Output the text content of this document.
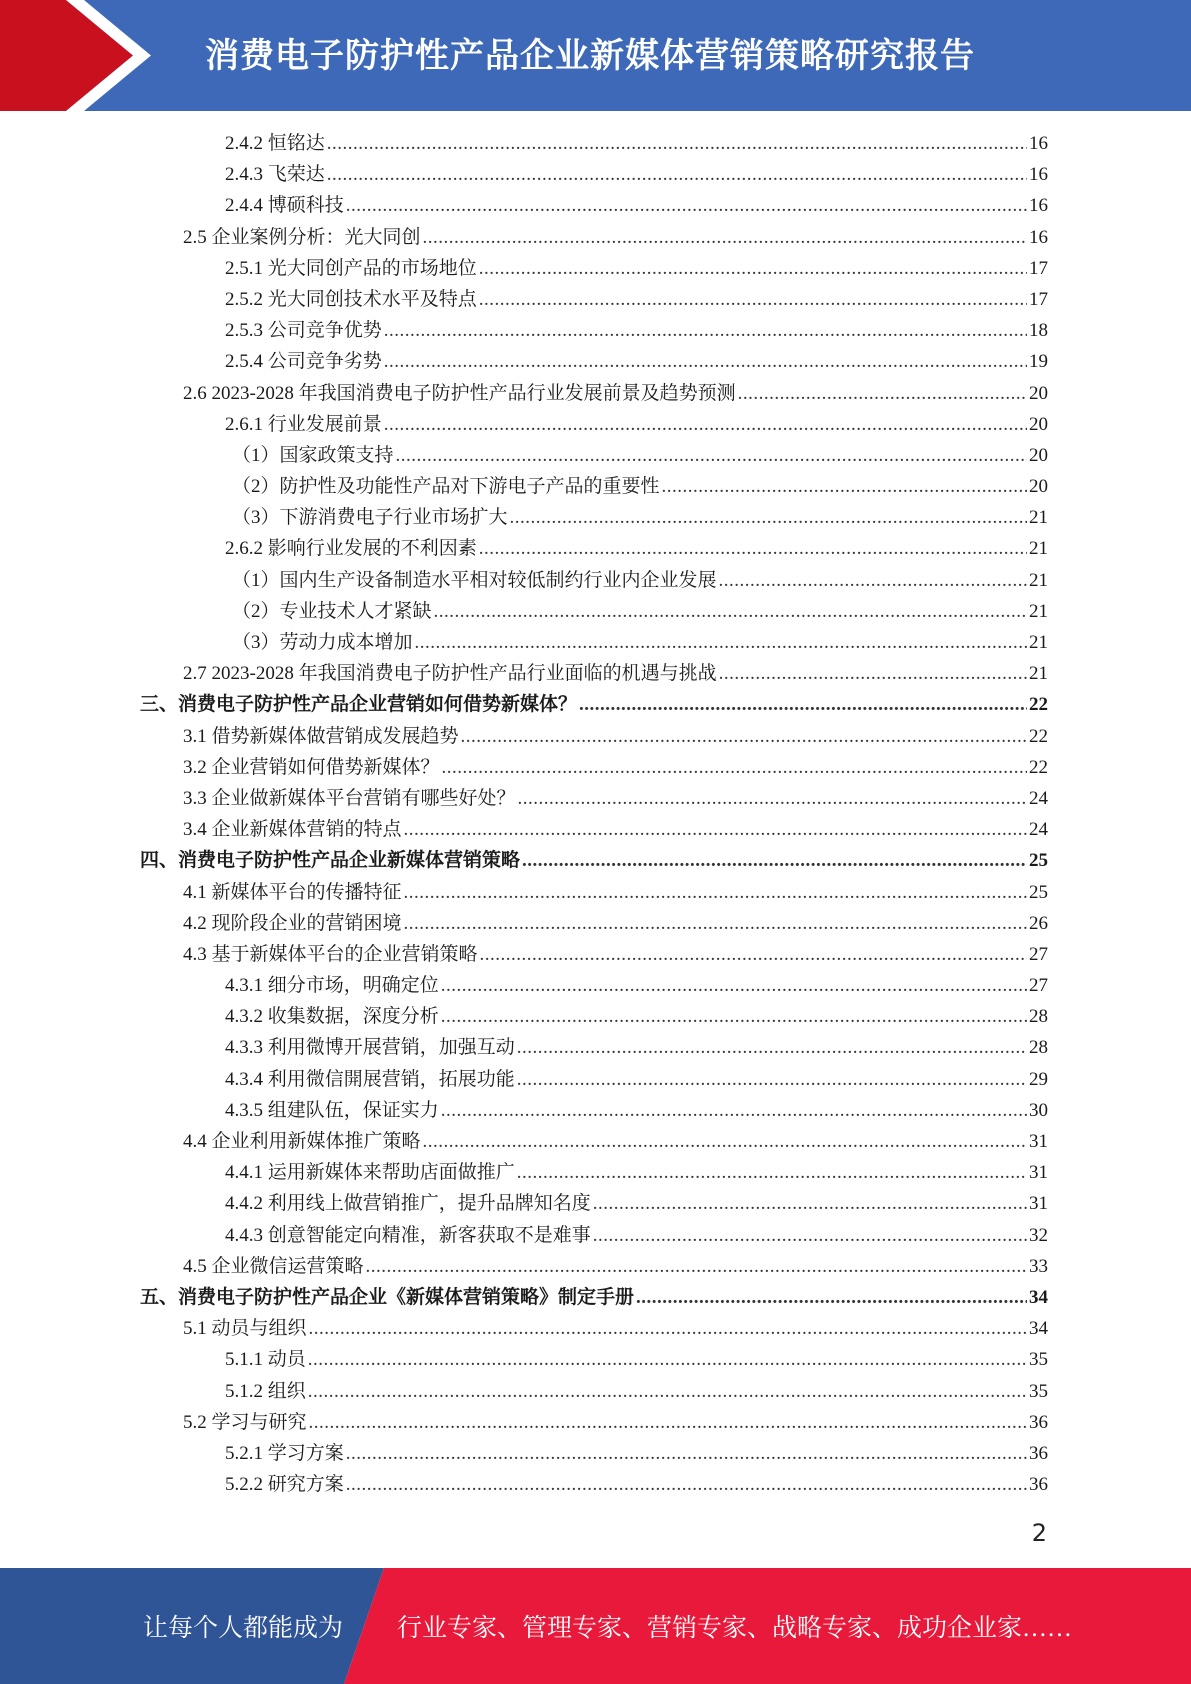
消费电子防护性产品企业新媒体营销策略研究报告
2.4.2 恒铭达 .....	16
2.4.3 飞荣达 .....	16
2.4.4 博硕科技 .....	16
2.5 企业案例分析：光大同创 .....	16
2.5.1 光大同创产品的市场地位 .....	17
2.5.2 光大同创技术水平及特点 .....	17
2.5.3 公司竞争优势 .....	18
2.5.4 公司竞争劣势 .....	19
2.6 2023-2028 年我国消费电子防护性产品行业发展前景及趋势预测 .....	20
2.6.1 行业发展前景 .....	20
（1）国家政策支持 .....	20
（2）防护性及功能性产品对下游电子产品的重要性 .....	20
（3）下游消费电子行业市场扩大 .....	21
2.6.2 影响行业发展的不利因素 .....	21
（1）国内生产设备制造水平相对较低制约行业内企业发展 .....	21
（2）专业技术人才紧缺 .....	21
（3）劳动力成本增加 .....	21
2.7 2023-2028 年我国消费电子防护性产品行业面临的机遇与挑战 .....	21
三、消费电子防护性产品企业营销如何借势新媒体？ .....	22
3.1 借势新媒体做营销成发展趋势 .....	22
3.2 企业营销如何借势新媒体？ .....	22
3.3 企业做新媒体平台营销有哪些好处？ .....	24
3.4 企业新媒体营销的特点 .....	24
四、消费电子防护性产品企业新媒体营销策略 .....	25
4.1 新媒体平台的传播特征 .....	25
4.2 现阶段企业的营销困境 .....	26
4.3 基于新媒体平台的企业营销策略 .....	27
4.3.1 细分市场，明确定位 .....	27
4.3.2 收集数据，深度分析 .....	28
4.3.3 利用微博开展营销，加强互动 .....	28
4.3.4 利用微信開展营销，拓展功能 .....	29
4.3.5 组建队伍，保证实力 .....	30
4.4 企业利用新媒体推广策略 .....	31
4.4.1 运用新媒体来帮助店面做推广 .....	31
4.4.2 利用线上做营销推广，提升品牌知名度 .....	31
4.4.3 创意智能定向精准，新客获取不是难事 .....	32
4.5 企业微信运营策略 .....	33
五、消费电子防护性产品企业《新媒体营销策略》制定手册 .....	34
5.1 动员与组织 .....	34
5.1.1 动员 .....	35
5.1.2 组织 .....	35
5.2 学习与研究 .....	36
5.2.1 学习方案 .....	36
5.2.2 研究方案 .....	36
2
让每个人都能成为 行业专家、管理专家、营销专家、战略专家、成功企业家……
